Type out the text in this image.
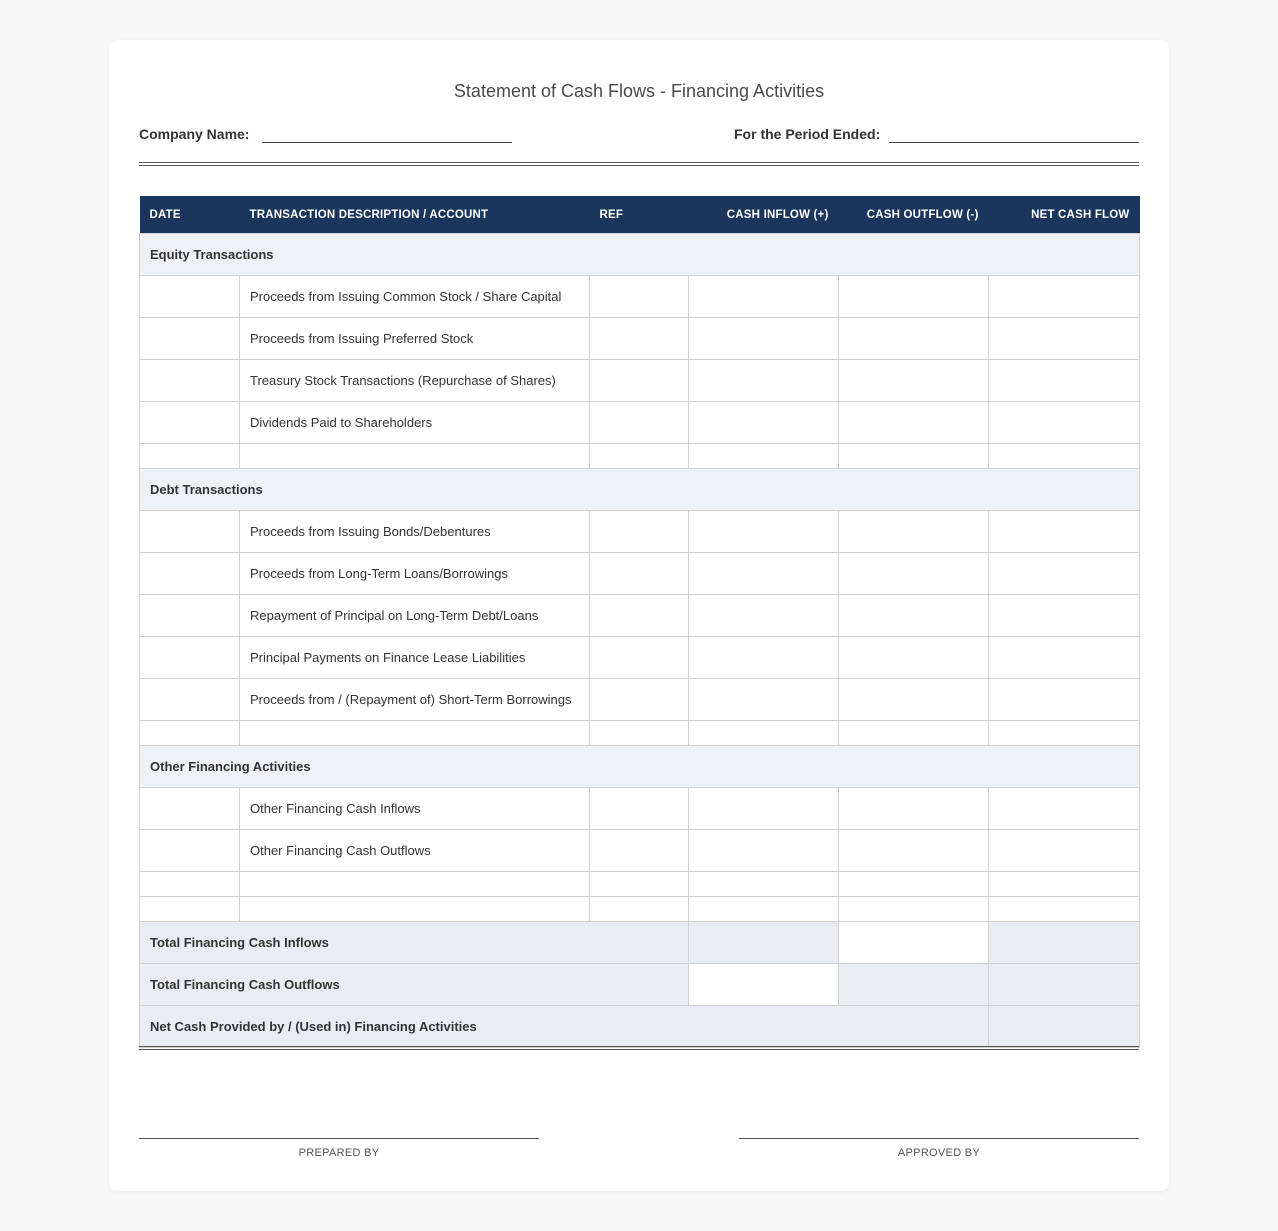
Statement of Cash Flows - Financing Activities
Company Name:	For the Period Ended:
DATE	TRANSACTION DESCRIPTION / ACCOUNT	REF	CASH INFLOW (+)	CASH OUTFLOW (-)	NET CASH FLOW
Equity Transactions					
	Proceeds from Issuing Common Stock / Share Capital				
	Proceeds from Issuing Preferred Stock				
	Treasury Stock Transactions (Repurchase of Shares)				
	Dividends Paid to Shareholders				

Debt Transactions					
	Proceeds from Issuing Bonds/Debentures				
	Proceeds from Long-Term Loans/Borrowings				
	Repayment of Principal on Long-Term Debt/Loans				
	Principal Payments on Finance Lease Liabilities				
	Proceeds from / (Repayment of) Short-Term Borrowings				

Other Financing Activities					
	Other Financing Cash Inflows				
	Other Financing Cash Outflows				

Total Financing Cash Inflows					
Total Financing Cash Outflows					
Net Cash Provided by / (Used in) Financing Activities					
PREPARED BY	APPROVED BY
